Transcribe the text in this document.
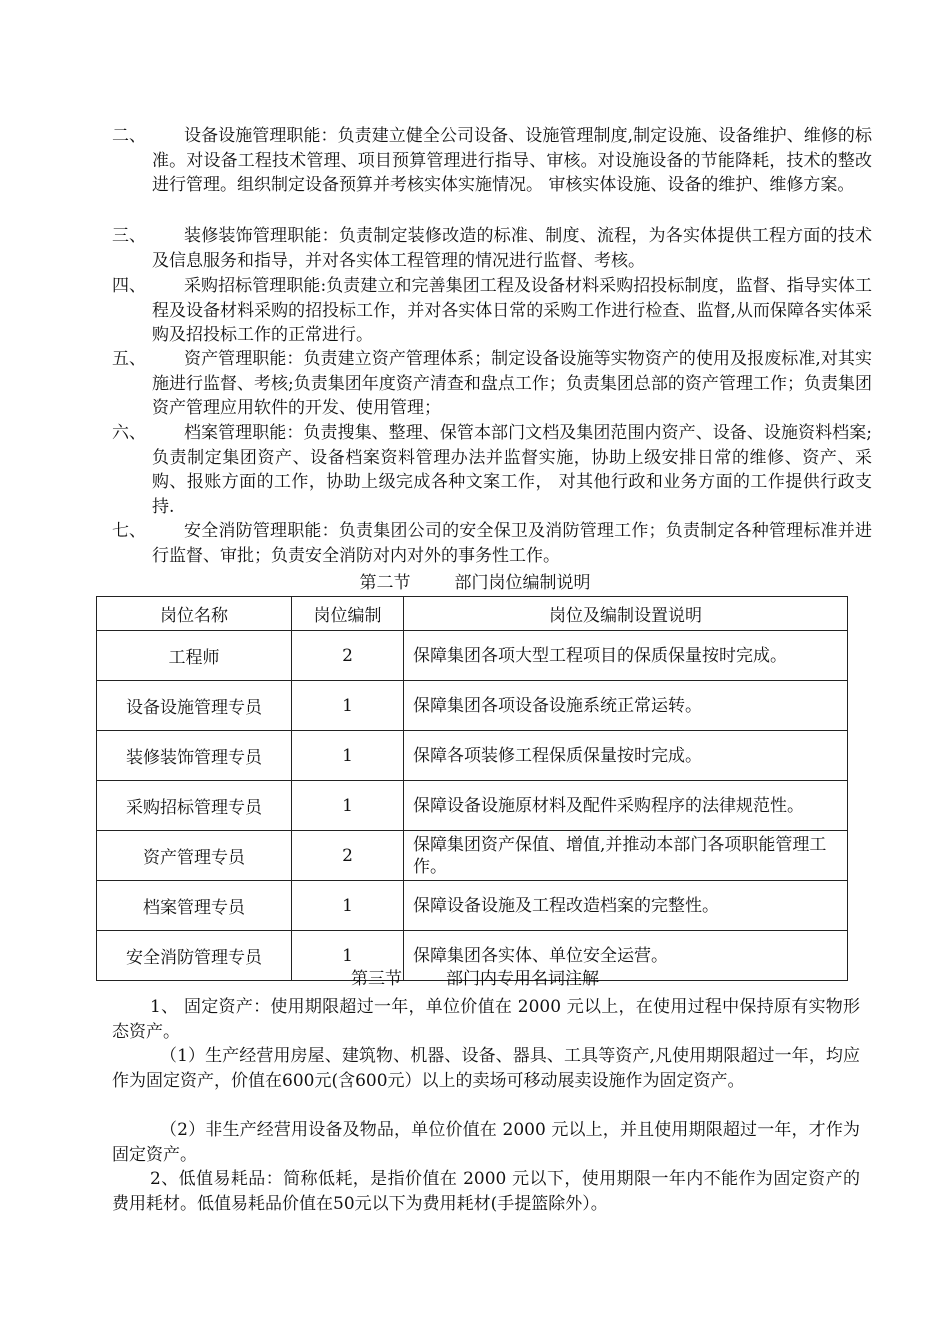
二、	设备设施管理职能：负责建立健全公司设备、设施管理制度,制定设施、设备维护、维修的标准。对设备工程技术管理、项目预算管理进行指导、审核。对设施设备的节能降耗，技术的整改进行管理。组织制定设备预算并考核实体实施情况。 审核实体设施、设备的维护、维修方案。
三、	装修装饰管理职能：负责制定装修改造的标准、制度、流程，为各实体提供工程方面的技术及信息服务和指导，并对各实体工程管理的情况进行监督、考核。
四、	采购招标管理职能:负责建立和完善集团工程及设备材料采购招投标制度，监督、指导实体工程及设备材料采购的招投标工作，并对各实体日常的采购工作进行检查、监督,从而保障各实体采购及招投标工作的正常进行。
五、	资产管理职能：负责建立资产管理体系；制定设备设施等实物资产的使用及报废标准,对其实施进行监督、考核;负责集团年度资产清查和盘点工作；负责集团总部的资产管理工作；负责集团资产管理应用软件的开发、使用管理；
六、	档案管理职能：负责搜集、整理、保管本部门文档及集团范围内资产、设备、设施资料档案;负责制定集团资产、设备档案资料管理办法并监督实施，协助上级安排日常的维修、资产、采购、报账方面的工作，协助上级完成各种文案工作， 对其他行政和业务方面的工作提供行政支持.
七、	安全消防管理职能：负责集团公司的安全保卫及消防管理工作；负责制定各种管理标准并进行监督、审批；负责安全消防对内对外的事务性工作。
第二节	部门岗位编制说明
岗位名称	岗位编制	岗位及编制设置说明
工程师	2	保障集团各项大型工程项目的保质保量按时完成。
设备设施管理专员	1	保障集团各项设备设施系统正常运转。
装修装饰管理专员	1	保障各项装修工程保质保量按时完成。
采购招标管理专员	1	保障设备设施原材料及配件采购程序的法律规范性。
资产管理专员	2	保障集团资产保值、增值,并推动本部门各项职能管理工作。
档案管理专员	1	保障设备设施及工程改造档案的完整性。
安全消防管理专员	1	保障集团各实体、单位安全运营。
第三节	部门内专用名词注解
1、 固定资产：使用期限超过一年，单位价值在 2000 元以上，在使用过程中保持原有实物形态资产。
（1）生产经营用房屋、建筑物、机器、设备、器具、工具等资产,凡使用期限超过一年，均应作为固定资产，价值在600元(含600元）以上的卖场可移动展卖设施作为固定资产。
（2）非生产经营用设备及物品，单位价值在 2000 元以上，并且使用期限超过一年，才作为固定资产。
2、低值易耗品：简称低耗，是指价值在 2000 元以下，使用期限一年内不能作为固定资产的费用耗材。低值易耗品价值在50元以下为费用耗材(手提篮除外）。
